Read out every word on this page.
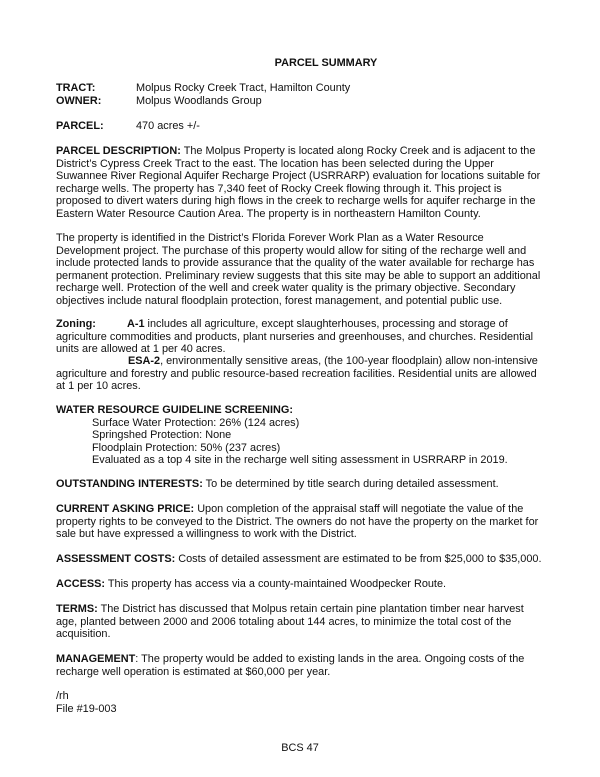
PARCEL SUMMARY
TRACT:	Molpus Rocky Creek Tract, Hamilton County
OWNER:	Molpus Woodlands Group
PARCEL:	470 acres +/-
PARCEL DESCRIPTION: The Molpus Property is located along Rocky Creek and is adjacent to the District’s Cypress Creek Tract to the east. The location has been selected during the Upper Suwannee River Regional Aquifer Recharge Project (USRRARP) evaluation for locations suitable for recharge wells. The property has 7,340 feet of Rocky Creek flowing through it. This project is proposed to divert waters during high flows in the creek to recharge wells for aquifer recharge in the Eastern Water Resource Caution Area. The property is in northeastern Hamilton County.
The property is identified in the District’s Florida Forever Work Plan as a Water Resource Development project. The purchase of this property would allow for siting of the recharge well and include protected lands to provide assurance that the quality of the water available for recharge has permanent protection. Preliminary review suggests that this site may be able to support an additional recharge well. Protection of the well and creek water quality is the primary objective. Secondary objectives include natural floodplain protection, forest management, and potential public use.
Zoning:	A-1 includes all agriculture, except slaughterhouses, processing and storage of agriculture commodities and products, plant nurseries and greenhouses, and churches. Residential units are allowed at 1 per 40 acres.
ESA-2, environmentally sensitive areas, (the 100-year floodplain) allow non-intensive agriculture and forestry and public resource-based recreation facilities. Residential units are allowed at 1 per 10 acres.
WATER RESOURCE GUIDELINE SCREENING:
Surface Water Protection: 26% (124 acres)
Springshed Protection: None
Floodplain Protection: 50% (237 acres)
Evaluated as a top 4 site in the recharge well siting assessment in USRRARP in 2019.
OUTSTANDING INTERESTS: To be determined by title search during detailed assessment.
CURRENT ASKING PRICE: Upon completion of the appraisal staff will negotiate the value of the property rights to be conveyed to the District. The owners do not have the property on the market for sale but have expressed a willingness to work with the District.
ASSESSMENT COSTS: Costs of detailed assessment are estimated to be from $25,000 to $35,000.
ACCESS: This property has access via a county-maintained Woodpecker Route.
TERMS: The District has discussed that Molpus retain certain pine plantation timber near harvest age, planted between 2000 and 2006 totaling about 144 acres, to minimize the total cost of the acquisition.
MANAGEMENT: The property would be added to existing lands in the area. Ongoing costs of the recharge well operation is estimated at $60,000 per year.
/rh
File #19-003
BCS 47
